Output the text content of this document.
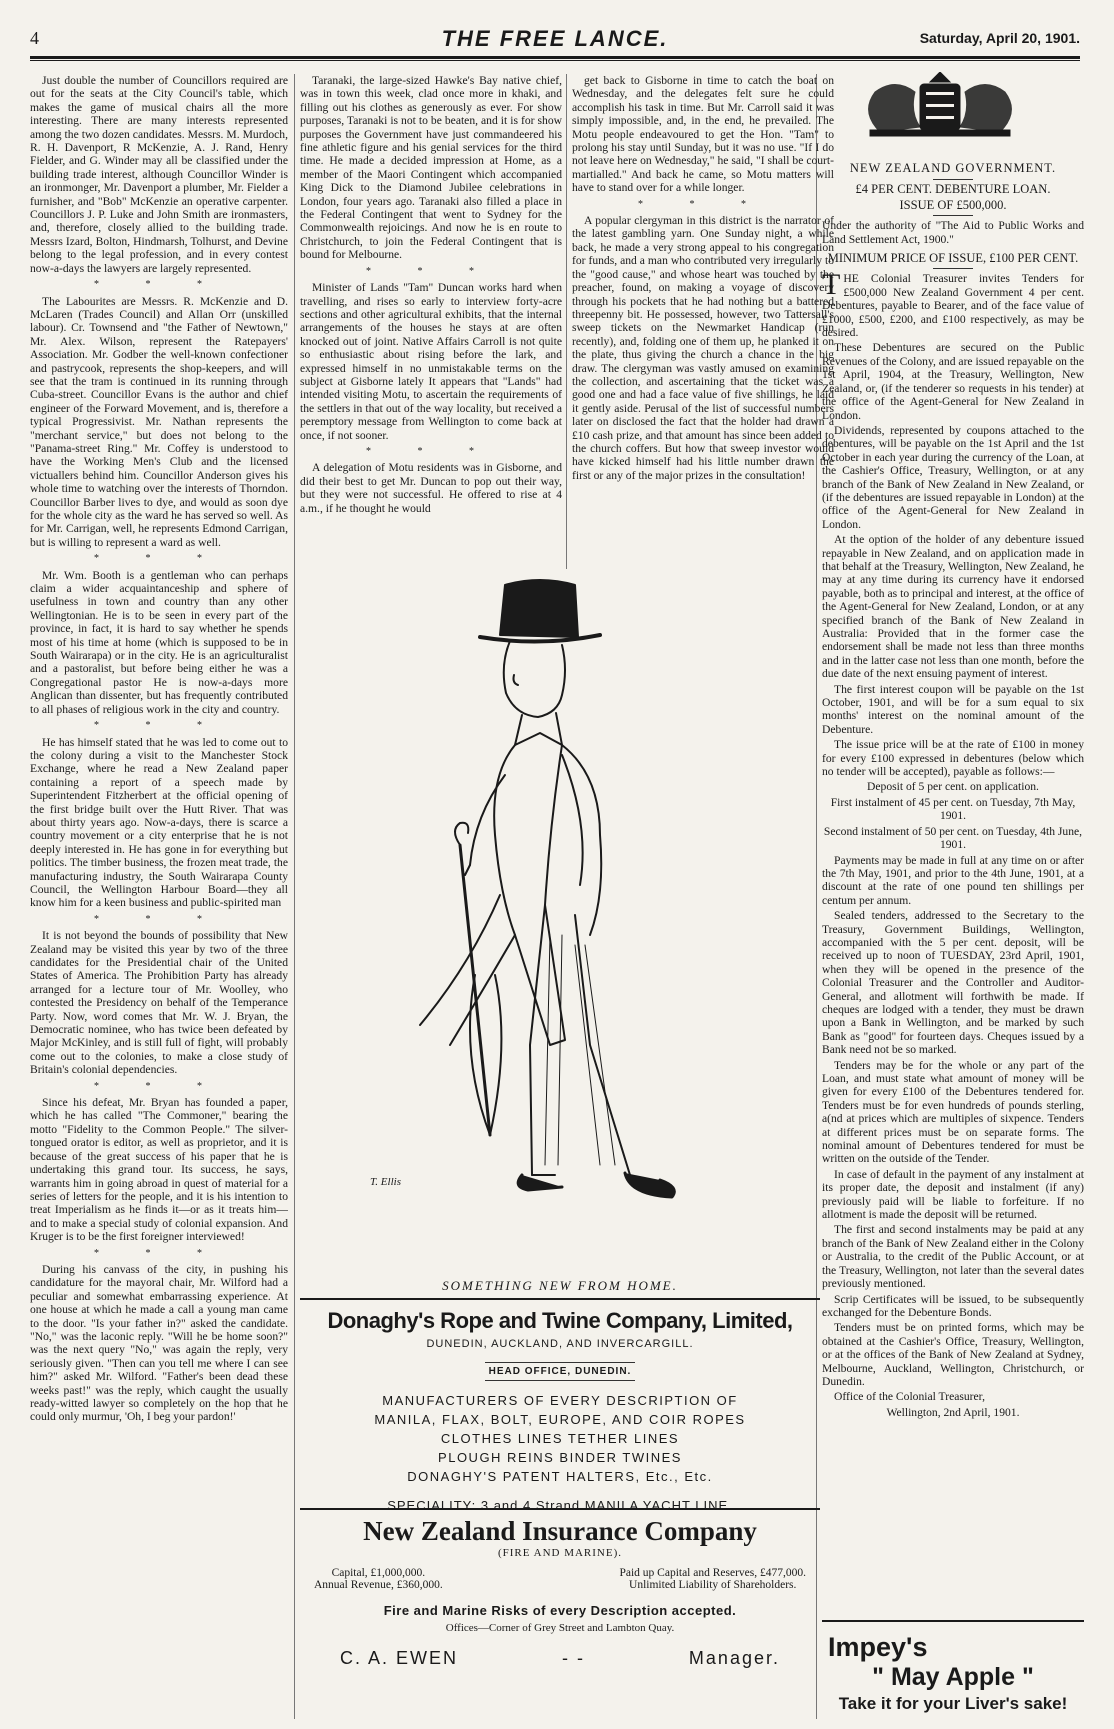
4	THE FREE LANCE.	Saturday, April 20, 1901.

Just double the number of Councillors required are out for the seats at the City Council's table, which makes the game of musical chairs all the more interesting. There are many interests represented among the two dozen candidates. Messrs. M. Murdoch, R. H. Davenport, R McKenzie, A. J. Rand, Henry Fielder, and G. Winder may all be classified under the building trade interest, although Councillor Winder is an ironmonger, Mr. Davenport a plumber, Mr. Fielder a furnisher, and "Bob" McKenzie an operative carpenter. Councillors J. P. Luke and John Smith are ironmasters, and, therefore, closely allied to the building trade. Messrs Izard, Bolton, Hindmarsh, Tolhurst, and Devine belong to the legal profession, and in every contest now-a-days the lawyers are largely represented.

* * *

The Labourites are Messrs. R. McKenzie and D. McLaren (Trades Council) and Allan Orr (unskilled labour). Cr. Townsend and "the Father of Newtown," Mr. Alex. Wilson, represent the Ratepayers' Association. Mr. Godber the well-known confectioner and pastrycook, represents the shop-keepers, and will see that the tram is continued in its running through Cuba-street. Councillor Evans is the author and chief engineer of the Forward Movement, and is, therefore a typical Progressivist. Mr. Nathan represents the "merchant service," but does not belong to the "Panama-street Ring." Mr. Coffey is understood to have the Working Men's Club and the licensed victuallers behind him. Councillor Anderson gives his whole time to watching over the interests of Thorndon. Councillor Barber lives to dye, and would as soon dye for the whole city as the ward he has served so well. As for Mr. Carrigan, well, he represents Edmond Carrigan, but is willing to represent a ward as well.

* * *

Mr. Wm. Booth is a gentleman who can perhaps claim a wider acquaintanceship and sphere of usefulness in town and country than any other Wellingtonian. He is to be seen in every part of the province, in fact, it is hard to say whether he spends most of his time at home (which is supposed to be in South Wairarapa) or in the city. He is an agriculturalist and a pastoralist, but before being either he was a Congregational pastor He is now-a-days more Anglican than dissenter, but has frequently contributed to all phases of religious work in the city and country.

* * *

He has himself stated that he was led to come out to the colony during a visit to the Manchester Stock Exchange, where he read a New Zealand paper containing a report of a speech made by Superintendent Fitzherbert at the official opening of the first bridge built over the Hutt River. That was about thirty years ago. Now-a-days, there is scarce a country movement or a city enterprise that he is not deeply interested in. He has gone in for everything but politics. The timber business, the frozen meat trade, the manufacturing industry, the South Wairarapa County Council, the Wellington Harbour Board—they all know him for a keen business and public-spirited man

* * *

It is not beyond the bounds of possibility that New Zealand may be visited this year by two of the three candidates for the Presidential chair of the United States of America. The Prohibition Party has already arranged for a lecture tour of Mr. Woolley, who contested the Presidency on behalf of the Temperance Party. Now, word comes that Mr. W. J. Bryan, the Democratic nominee, who has twice been defeated by Major McKinley, and is still full of fight, will probably come out to the colonies, to make a close study of Britain's colonial dependencies.

* * *

Since his defeat, Mr. Bryan has founded a paper, which he has called "The Commoner," bearing the motto "Fidelity to the Common People." The silver-tongued orator is editor, as well as proprietor, and it is because of the great success of his paper that he is undertaking this grand tour. Its success, he says, warrants him in going abroad in quest of material for a series of letters for the people, and it is his intention to treat Imperialism as he finds it—or as it treats him—and to make a special study of colonial expansion. And Kruger is to be the first foreigner interviewed!

* * *

During his canvass of the city, in pushing his candidature for the mayoral chair, Mr. Wilford had a peculiar and somewhat embarrassing experience. At one house at which he made a call a young man came to the door. "Is your father in?" asked the candidate. "No," was the laconic reply. "Will he be home soon?" was the next query "No," was again the reply, very seriously given. "Then can you tell me where I can see him?" asked Mr. Wilford. "Father's been dead these weeks past!" was the reply, which caught the usually ready-witted lawyer so completely on the hop that he could only murmur, 'Oh, I beg your pardon!'

Taranaki, the large-sized Hawke's Bay native chief, was in town this week, clad once more in khaki, and filling out his clothes as generously as ever. For show purposes, Taranaki is not to be beaten, and it is for show purposes the Government have just commandeered his fine athletic figure and his genial services for the third time. He made a decided impression at Home, as a member of the Maori Contingent which accompanied King Dick to the Diamond Jubilee celebrations in London, four years ago. Taranaki also filled a place in the Federal Contingent that went to Sydney for the Commonwealth rejoicings. And now he is en route to Christchurch, to join the Federal Contingent that is bound for Melbourne.

* * *

Minister of Lands "Tam" Duncan works hard when travelling, and rises so early to interview forty-acre sections and other agricultural exhibits, that the internal arrangements of the houses he stays at are often knocked out of joint. Native Affairs Carroll is not quite so enthusiastic about rising before the lark, and expressed himself in no unmistakable terms on the subject at Gisborne lately It appears that "Lands" had intended visiting Motu, to ascertain the requirements of the settlers in that out of the way locality, but received a peremptory message from Wellington to come back at once, if not sooner.

* * *

A delegation of Motu residents was in Gisborne, and did their best to get Mr. Duncan to pop out their way, but they were not successful. He offered to rise at 4 a.m., if he thought he would

get back to Gisborne in time to catch the boat on Wednesday, and the delegates felt sure he could accomplish his task in time. But Mr. Carroll said it was simply impossible, and, in the end, he prevailed. The Motu people endeavoured to get the Hon. "Tam" to prolong his stay until Sunday, but it was no use. "If I do not leave here on Wednesday," he said, "I shall be court-martialled." And back he came, so Motu matters will have to stand over for a while longer.

* * *

A popular clergyman in this district is the narrator of the latest gambling yarn. One Sunday night, a while back, he made a very strong appeal to his congregation for funds, and a man who contributed very irregularly to the "good cause," and whose heart was touched by the preacher, found, on making a voyage of discovery through his pockets that he had nothing but a battered threepenny bit. He possessed, however, two Tattersall's sweep tickets on the Newmarket Handicap (run recently), and, folding one of them up, he planked it on the plate, thus giving the church a chance in the big draw. The clergyman was vastly amused on examining the collection, and ascertaining that the ticket was a good one and had a face value of five shillings, he laid it gently aside. Perusal of the list of successful numbers later on disclosed the fact that the holder had drawn a £10 cash prize, and that amount has since been added to the church coffers. But how that sweep investor would have kicked himself had his little number drawn the first or any of the major prizes in the consultation!

T. Ellis
SOMETHING NEW FROM HOME.
Donaghy's Rope and Twine Company, Limited,
DUNEDIN, AUCKLAND, AND INVERCARGILL.
HEAD OFFICE, DUNEDIN.
MANUFACTURERS OF EVERY DESCRIPTION OF
MANILA, FLAX, BOLT, EUROPE, AND COIR ROPES
CLOTHES LINES TETHER LINES
PLOUGH REINS BINDER TWINES
DONAGHY'S PATENT HALTERS, Etc., Etc.
SPECIALITY: 3 and 4 Strand MANILA YACHT LINE.
New Zealand Insurance Company
(FIRE AND MARINE).
Capital, £1,000,000.
Annual Revenue, £360,000.
Paid up Capital and Reserves, £477,000.
Unlimited Liability of Shareholders.
Fire and Marine Risks of every Description accepted.
Offices—Corner of Grey Street and Lambton Quay.
C. A. EWEN	- -	Manager.
NEW ZEALAND GOVERNMENT.
£4 PER CENT. DEBENTURE LOAN.
ISSUE OF £500,000.

Under the authority of "The Aid to Public Works and Land Settlement Act, 1900."

MINIMUM PRICE OF ISSUE, £100 PER CENT.

THE Colonial Treasurer invites Tenders for £500,000 New Zealand Government 4 per cent. Debentures, payable to Bearer, and of the face value of £1000, £500, £200, and £100 respectively, as may be desired.

These Debentures are secured on the Public Revenues of the Colony, and are issued repayable on the 1st April, 1904, at the Treasury, Wellington, New Zealand, or, (if the tenderer so requests in his tender) at the office of the Agent-General for New Zealand in London.

Dividends, represented by coupons attached to the debentures, will be payable on the 1st April and the 1st October in each year during the currency of the Loan, at the Cashier's Office, Treasury, Wellington, or at any branch of the Bank of New Zealand in New Zealand, or (if the debentures are issued repayable in London) at the office of the Agent-General for New Zealand in London.

At the option of the holder of any debenture issued repayable in New Zealand, and on application made in that behalf at the Treasury, Wellington, New Zealand, he may at any time during its currency have it endorsed payable, both as to principal and interest, at the office of the Agent-General for New Zealand, London, or at any specified branch of the Bank of New Zealand in Australia: Provided that in the former case the endorsement shall be made not less than three months and in the latter case not less than one month, before the due date of the next ensuing payment of interest.

The first interest coupon will be payable on the 1st October, 1901, and will be for a sum equal to six months' interest on the nominal amount of the Debenture.

The issue price will be at the rate of £100 in money for every £100 expressed in debentures (below which no tender will be accepted), payable as follows:—

Deposit of 5 per cent. on application.

First instalment of 45 per cent. on Tuesday, 7th May, 1901.

Second instalment of 50 per cent. on Tuesday, 4th June, 1901.

Payments may be made in full at any time on or after the 7th May, 1901, and prior to the 4th June, 1901, at a discount at the rate of one pound ten shillings per centum per annum.

Sealed tenders, addressed to the Secretary to the Treasury, Government Buildings, Wellington, accompanied with the 5 per cent. deposit, will be received up to noon of TUESDAY, 23rd April, 1901, when they will be opened in the presence of the Colonial Treasurer and the Controller and Auditor-General, and allotment will forthwith be made. If cheques are lodged with a tender, they must be drawn upon a Bank in Wellington, and be marked by such Bank as "good" for fourteen days. Cheques issued by a Bank need not be so marked.

Tenders may be for the whole or any part of the Loan, and must state what amount of money will be given for every £100 of the Debentures tendered for. Tenders must be for even hundreds of pounds sterling, a(nd at prices which are multiples of sixpence. Tenders at different prices must be on separate forms. The nominal amount of Debentures tendered for must be written on the outside of the Tender.

In case of default in the payment of any instalment at its proper date, the deposit and instalment (if any) previously paid will be liable to forfeiture. If no allotment is made the deposit will be returned.

The first and second instalments may be paid at any branch of the Bank of New Zealand either in the Colony or Australia, to the credit of the Public Account, or at the Treasury, Wellington, not later than the several dates previously mentioned.

Scrip Certificates will be issued, to be subsequently exchanged for the Debenture Bonds.

Tenders must be on printed forms, which may be obtained at the Cashier's Office, Treasury, Wellington, or at the offices of the Bank of New Zealand at Sydney, Melbourne, Auckland, Wellington, Christchurch, or Dunedin.

Office of the Colonial Treasurer,

Wellington, 2nd April, 1901.

Impey's
" May Apple "
Take it for your Liver's sake!
